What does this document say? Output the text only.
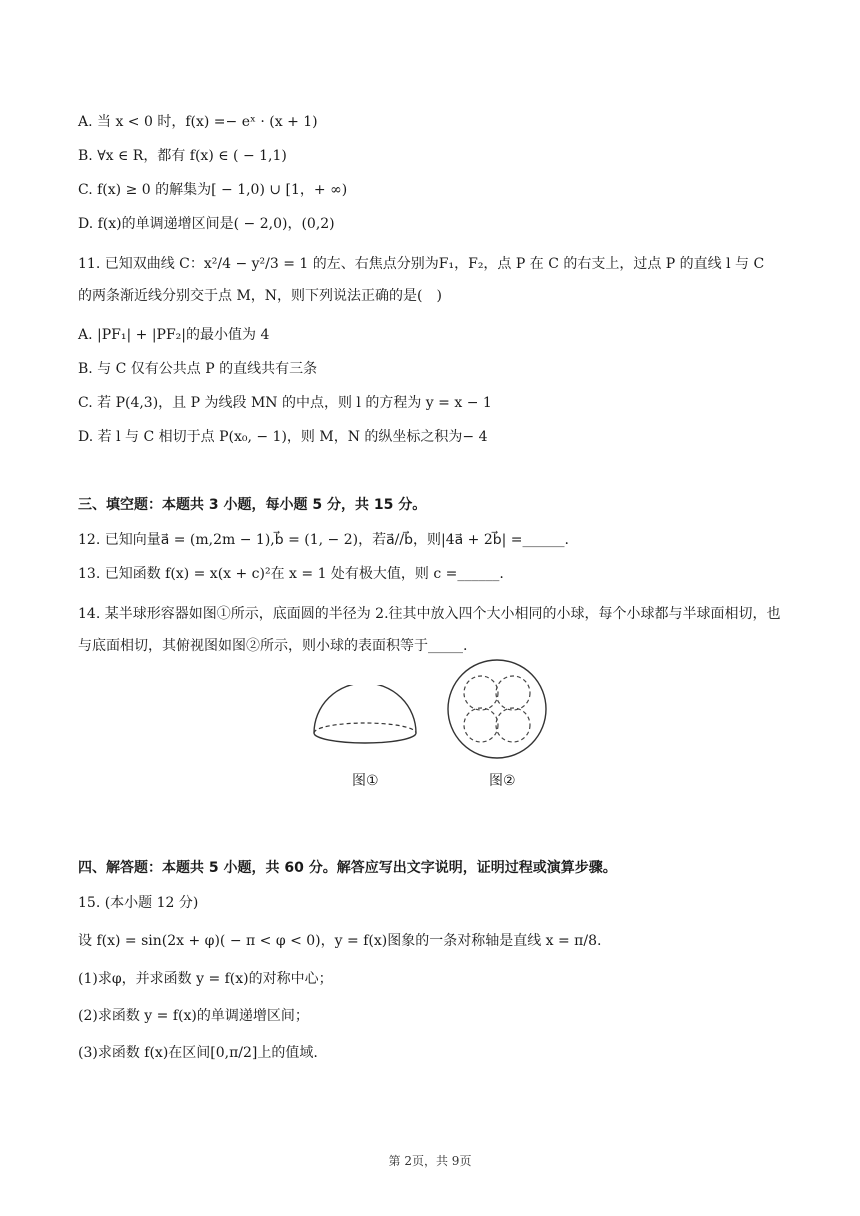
A. 当 x < 0 时，f(x) =− eˣ · (x + 1)
B. ∀x ∈ R，都有 f(x) ∈ ( − 1,1)
C. f(x) ≥ 0 的解集为[ − 1,0) ∪ [1，+ ∞)
D. f(x)的单调递增区间是( − 2,0)，(0,2)
11. 已知双曲线 C：x²/4 − y²/3 = 1 的左、右焦点分别为F₁，F₂，点 P 在 C 的右支上，过点 P 的直线 l 与 C 的两条渐近线分别交于点 M，N，则下列说法正确的是(　)
A. |PF₁| + |PF₂|的最小值为 4
B. 与 C 仅有公共点 P 的直线共有三条
C. 若 P(4,3)，且 P 为线段 MN 的中点，则 l 的方程为 y = x − 1
D. 若 l 与 C 相切于点 P(x₀, − 1)，则 M，N 的纵坐标之积为− 4
三、填空题：本题共 3 小题，每小题 5 分，共 15 分。
12. 已知向量a⃗ = (m,2m − 1),b⃗ = (1, − 2)，若a⃗//b⃗，则|4a⃗ + 2b⃗| =______.
13. 已知函数 f(x) = x(x + c)²在 x = 1 处有极大值，则 c =______.
14. 某半球形容器如图①所示，底面圆的半径为 2.往其中放入四个大小相同的小球，每个小球都与半球面相切，也与底面相切，其俯视图如图②所示，则小球的表面积等于_____.
图①	图②
四、解答题：本题共 5 小题，共 60 分。解答应写出文字说明，证明过程或演算步骤。
15. (本小题 12 分)
设 f(x) = sin(2x + φ)( − π < φ < 0)，y = f(x)图象的一条对称轴是直线 x = π/8.
(1)求φ，并求函数 y = f(x)的对称中心；
(2)求函数 y = f(x)的单调递增区间；
(3)求函数 f(x)在区间[0,π/2]上的值域.
第 2页，共 9页
